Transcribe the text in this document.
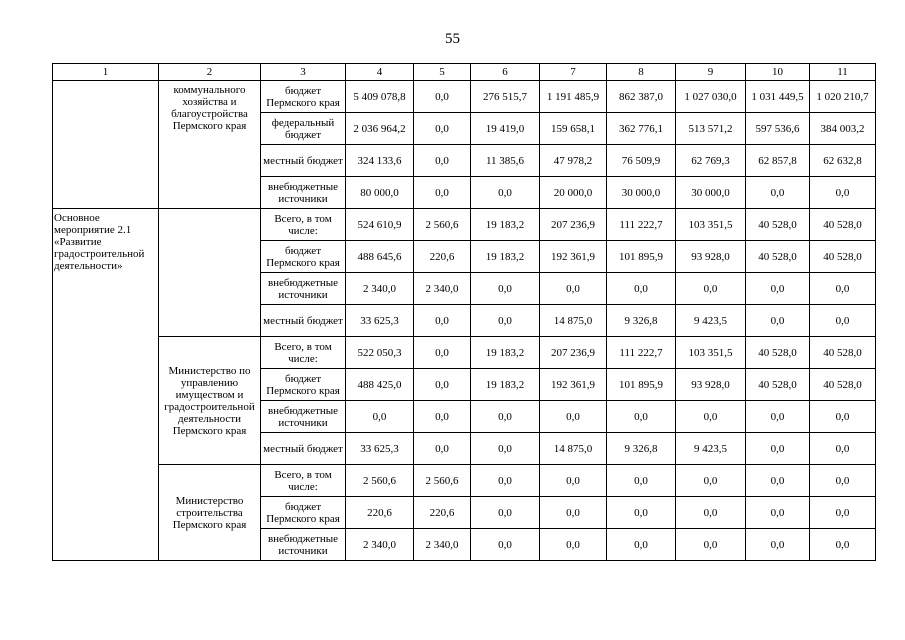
55
1	2	3	4	5	6	7	8	9	10	11
	коммунального хозяйства и благоустройства Пермского края	бюджет Пермского края	5 409 078,8	0,0	276 515,7	1 191 485,9	862 387,0	1 027 030,0	1 031 449,5	1 020 210,7
		федеральный бюджет	2 036 964,2	0,0	19 419,0	159 658,1	362 776,1	513 571,2	597 536,6	384 003,2
		местный бюджет	324 133,6	0,0	11 385,6	47 978,2	76 509,9	62 769,3	62 857,8	62 632,8
		внебюджетные источники	80 000,0	0,0	0,0	20 000,0	30 000,0	30 000,0	0,0	0,0
Основное мероприятие 2.1 «Развитие градостроительной деятельности»		Всего, в том числе:	524 610,9	2 560,6	19 183,2	207 236,9	111 222,7	103 351,5	40 528,0	40 528,0
		бюджет Пермского края	488 645,6	220,6	19 183,2	192 361,9	101 895,9	93 928,0	40 528,0	40 528,0
		внебюджетные источники	2 340,0	2 340,0	0,0	0,0	0,0	0,0	0,0	0,0
		местный бюджет	33 625,3	0,0	0,0	14 875,0	9 326,8	9 423,5	0,0	0,0
	Министерство по управлению имуществом и градостроительной деятельности Пермского края	Всего, в том числе:	522 050,3	0,0	19 183,2	207 236,9	111 222,7	103 351,5	40 528,0	40 528,0
		бюджет Пермского края	488 425,0	0,0	19 183,2	192 361,9	101 895,9	93 928,0	40 528,0	40 528,0
		внебюджетные источники	0,0	0,0	0,0	0,0	0,0	0,0	0,0	0,0
		местный бюджет	33 625,3	0,0	0,0	14 875,0	9 326,8	9 423,5	0,0	0,0
	Министерство строительства Пермского края	Всего, в том числе:	2 560,6	2 560,6	0,0	0,0	0,0	0,0	0,0	0,0
		бюджет Пермского края	220,6	220,6	0,0	0,0	0,0	0,0	0,0	0,0
		внебюджетные источники	2 340,0	2 340,0	0,0	0,0	0,0	0,0	0,0	0,0
